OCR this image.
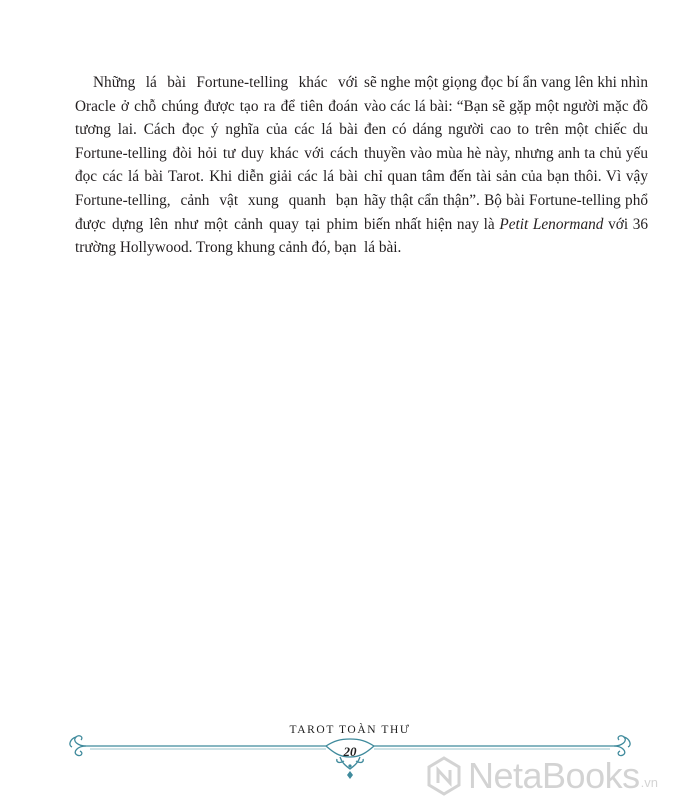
Những lá bài Fortune-telling khác với Oracle ở chỗ chúng được tạo ra để tiên đoán tương lai. Cách đọc ý nghĩa của các lá bài Fortune-telling đòi hỏi tư duy khác với cách đọc các lá bài Tarot. Khi diễn giải các lá bài Fortune-telling, cảnh vật xung quanh bạn được dựng lên như một cảnh quay tại phim trường Hollywood. Trong khung cảnh đó, bạn

sẽ nghe một giọng đọc bí ẩn vang lên khi nhìn vào các lá bài: “Bạn sẽ gặp một người mặc đồ đen có dáng người cao to trên một chiếc du thuyền vào mùa hè này, nhưng anh ta chủ yếu chỉ quan tâm đến tài sản của bạn thôi. Vì vậy hãy thật cẩn thận”. Bộ bài Fortune-telling phổ biến nhất hiện nay là Petit Lenormand với 36 lá bài.

TAROT TOÀN THƯ
20
NetaBooks .vn
